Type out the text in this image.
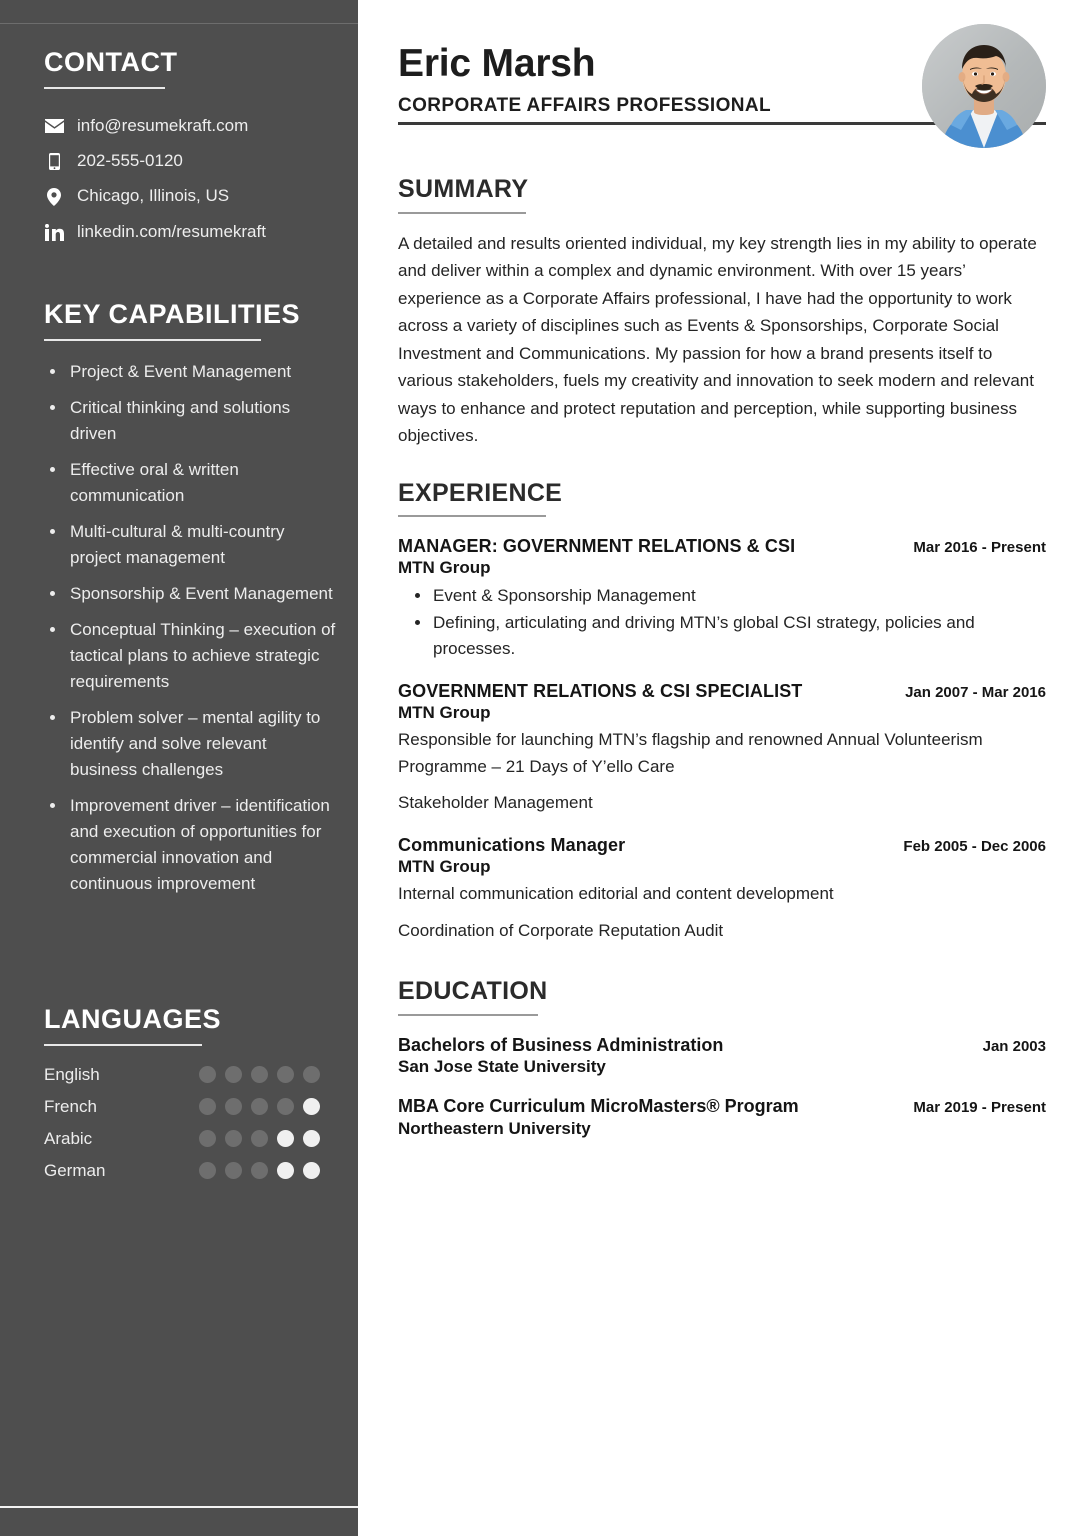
CONTACT
info@resumekraft.com
202-555-0120
Chicago, Illinois, US
linkedin.com/resumekraft
KEY CAPABILITIES
Project & Event Management
Critical thinking and solutions driven
Effective oral & written communication
Multi-cultural & multi-country project management
Sponsorship & Event Management
Conceptual Thinking – execution of tactical plans to achieve strategic requirements
Problem solver – mental agility to identify and solve relevant business challenges
Improvement driver – identification and execution of opportunities for commercial innovation and continuous improvement
LANGUAGES
English
French
Arabic
German
Eric Marsh
CORPORATE AFFAIRS PROFESSIONAL
SUMMARY

A detailed and results oriented individual, my key strength lies in my ability to operate and deliver within a complex and dynamic environment. With over 15 years’ experience as a Corporate Affairs professional, I have had the opportunity to work across a variety of disciplines such as Events & Sponsorships, Corporate Social Investment and Communications. My passion for how a brand presents itself to various stakeholders, fuels my creativity and innovation to seek modern and relevant ways to enhance and protect reputation and perception, while supporting business objectives.

EXPERIENCE
MANAGER: GOVERNMENT RELATIONS & CSI	Mar 2016 - Present
MTN Group
Event & Sponsorship Management
Defining, articulating and driving MTN’s global CSI strategy, policies and processes.
GOVERNMENT RELATIONS & CSI SPECIALIST	Jan 2007 - Mar 2016
MTN Group
Responsible for launching MTN’s flagship and renowned Annual Volunteerism Programme – 21 Days of Y’ello Care
Stakeholder Management
Communications Manager	Feb 2005 - Dec 2006
MTN Group
Internal communication editorial and content development
Coordination of Corporate Reputation Audit
EDUCATION
Bachelors of Business Administration	Jan 2003
San Jose State University
MBA Core Curriculum MicroMasters® Program	Mar 2019 - Present
Northeastern University
